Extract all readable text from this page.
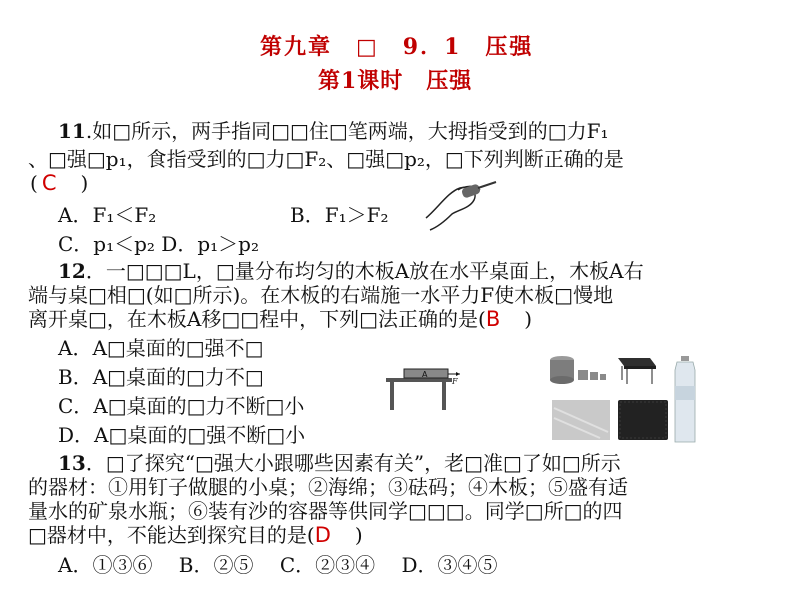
第九章　□　9．1　压强
第1课时　压强
11.如□所示，两手指同□□住□笔两端，大拇指受到的□力F₁
、□强□p₁，食指受到的□力□F₂、□强□p₂，□下列判断正确的是
( C )
A．F₁＜F₂	B．F₁＞F₂
C．p₁＜p₂ D．p₁＞p₂
12．一□□□L，□量分布均匀的木板A放在水平桌面上，木板A右
端与桌□相□(如□所示)。在木板的右端施一水平力F使木板□慢地
离开桌□，在木板A移□□程中，下列□法正确的是(B )
A．A□桌面的□强不□
B．A□桌面的□力不□
C．A□桌面的□力不断□小
D．A□桌面的□强不断□小
A
F
13．□了探究“□强大小跟哪些因素有关”，老□准□了如□所示
的器材：①用钉子做腿的小桌；②海绵；③砝码；④木板；⑤盛有适
量水的矿泉水瓶；⑥装有沙的容器等供同学□□□。同学□所□的四
□器材中，不能达到探究目的是(D )
A．①③⑥　 B．②⑤　 C．②③④　 D．③④⑤
